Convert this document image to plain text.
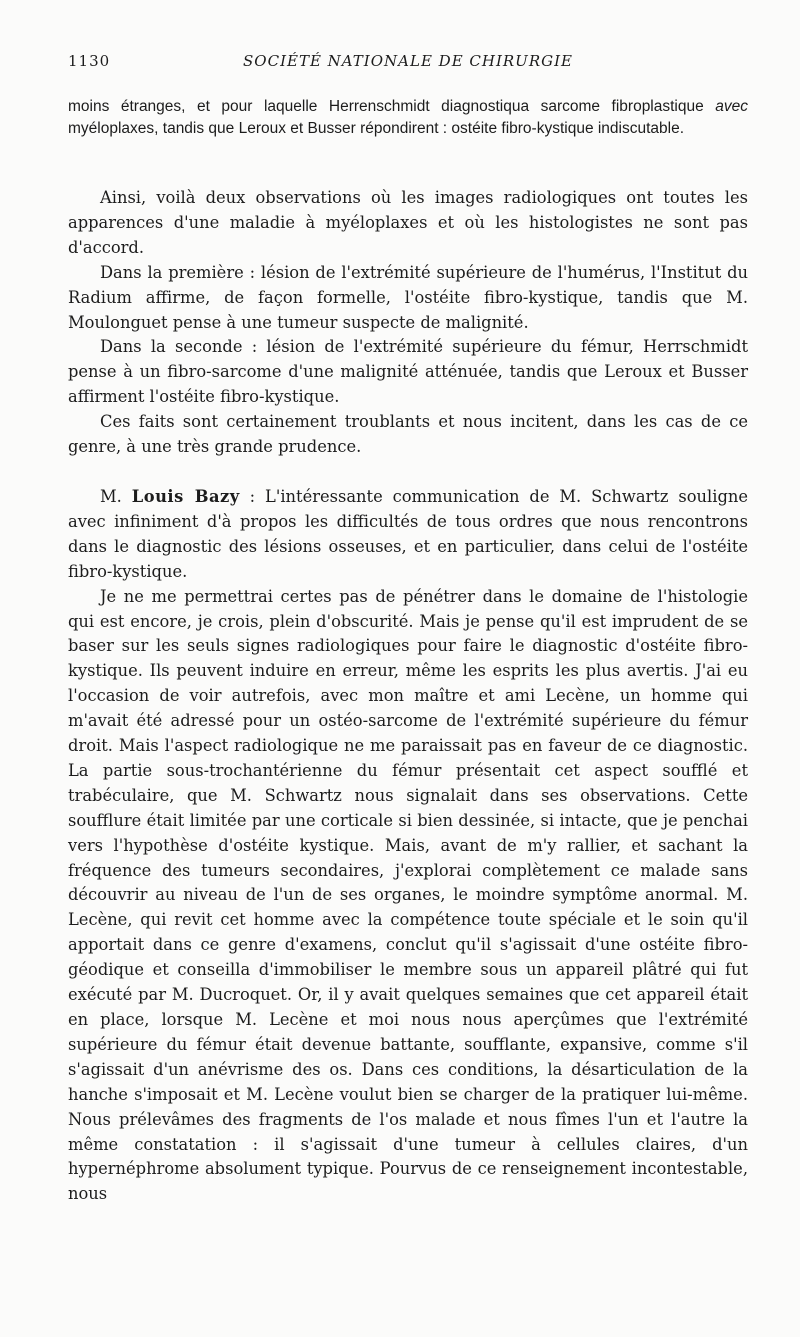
1130	SOCIÉTÉ NATIONALE DE CHIRURGIE

moins étranges, et pour laquelle Herrenschmidt diagnostiqua sarcome fibroplastique avec myéloplaxes, tandis que Leroux et Busser répondirent : ostéite fibro-kystique indiscutable.

Ainsi, voilà deux observations où les images radiologiques ont toutes les apparences d'une maladie à myéloplaxes et où les histologistes ne sont pas d'accord.

Dans la première : lésion de l'extrémité supérieure de l'humérus, l'Institut du Radium affirme, de façon formelle, l'ostéite fibro-kystique, tandis que M. Moulonguet pense à une tumeur suspecte de malignité.

Dans la seconde : lésion de l'extrémité supérieure du fémur, Herrschmidt pense à un fibro-sarcome d'une malignité atténuée, tandis que Leroux et Busser affirment l'ostéite fibro-kystique.

Ces faits sont certainement troublants et nous incitent, dans les cas de ce genre, à une très grande prudence.

M. Louis Bazy : L'intéressante communication de M. Schwartz souligne avec infiniment d'à propos les difficultés de tous ordres que nous rencontrons dans le diagnostic des lésions osseuses, et en particulier, dans celui de l'ostéite fibro-kystique.

Je ne me permettrai certes pas de pénétrer dans le domaine de l'histologie qui est encore, je crois, plein d'obscurité. Mais je pense qu'il est imprudent de se baser sur les seuls signes radiologiques pour faire le diagnostic d'ostéite fibro-kystique. Ils peuvent induire en erreur, même les esprits les plus avertis. J'ai eu l'occasion de voir autrefois, avec mon maître et ami Lecène, un homme qui m'avait été adressé pour un ostéo-sarcome de l'extrémité supérieure du fémur droit. Mais l'aspect radiologique ne me paraissait pas en faveur de ce diagnostic. La partie sous-trochantérienne du fémur présentait cet aspect soufflé et trabéculaire, que M. Schwartz nous signalait dans ses observations. Cette soufflure était limitée par une corticale si bien dessinée, si intacte, que je penchai vers l'hypothèse d'ostéite kystique. Mais, avant de m'y rallier, et sachant la fréquence des tumeurs secondaires, j'explorai complètement ce malade sans découvrir au niveau de l'un de ses organes, le moindre symptôme anormal. M. Lecène, qui revit cet homme avec la compétence toute spéciale et le soin qu'il apportait dans ce genre d'examens, conclut qu'il s'agissait d'une ostéite fibro-géodique et conseilla d'immobiliser le membre sous un appareil plâtré qui fut exécuté par M. Ducroquet. Or, il y avait quelques semaines que cet appareil était en place, lorsque M. Lecène et moi nous nous aperçûmes que l'extrémité supérieure du fémur était devenue battante, soufflante, expansive, comme s'il s'agissait d'un anévrisme des os. Dans ces conditions, la désarticulation de la hanche s'imposait et M. Lecène voulut bien se charger de la pratiquer lui-même. Nous prélevâmes des fragments de l'os malade et nous fîmes l'un et l'autre la même constatation : il s'agissait d'une tumeur à cellules claires, d'un hypernéphrome absolument typique. Pourvus de ce renseignement incontestable, nous
